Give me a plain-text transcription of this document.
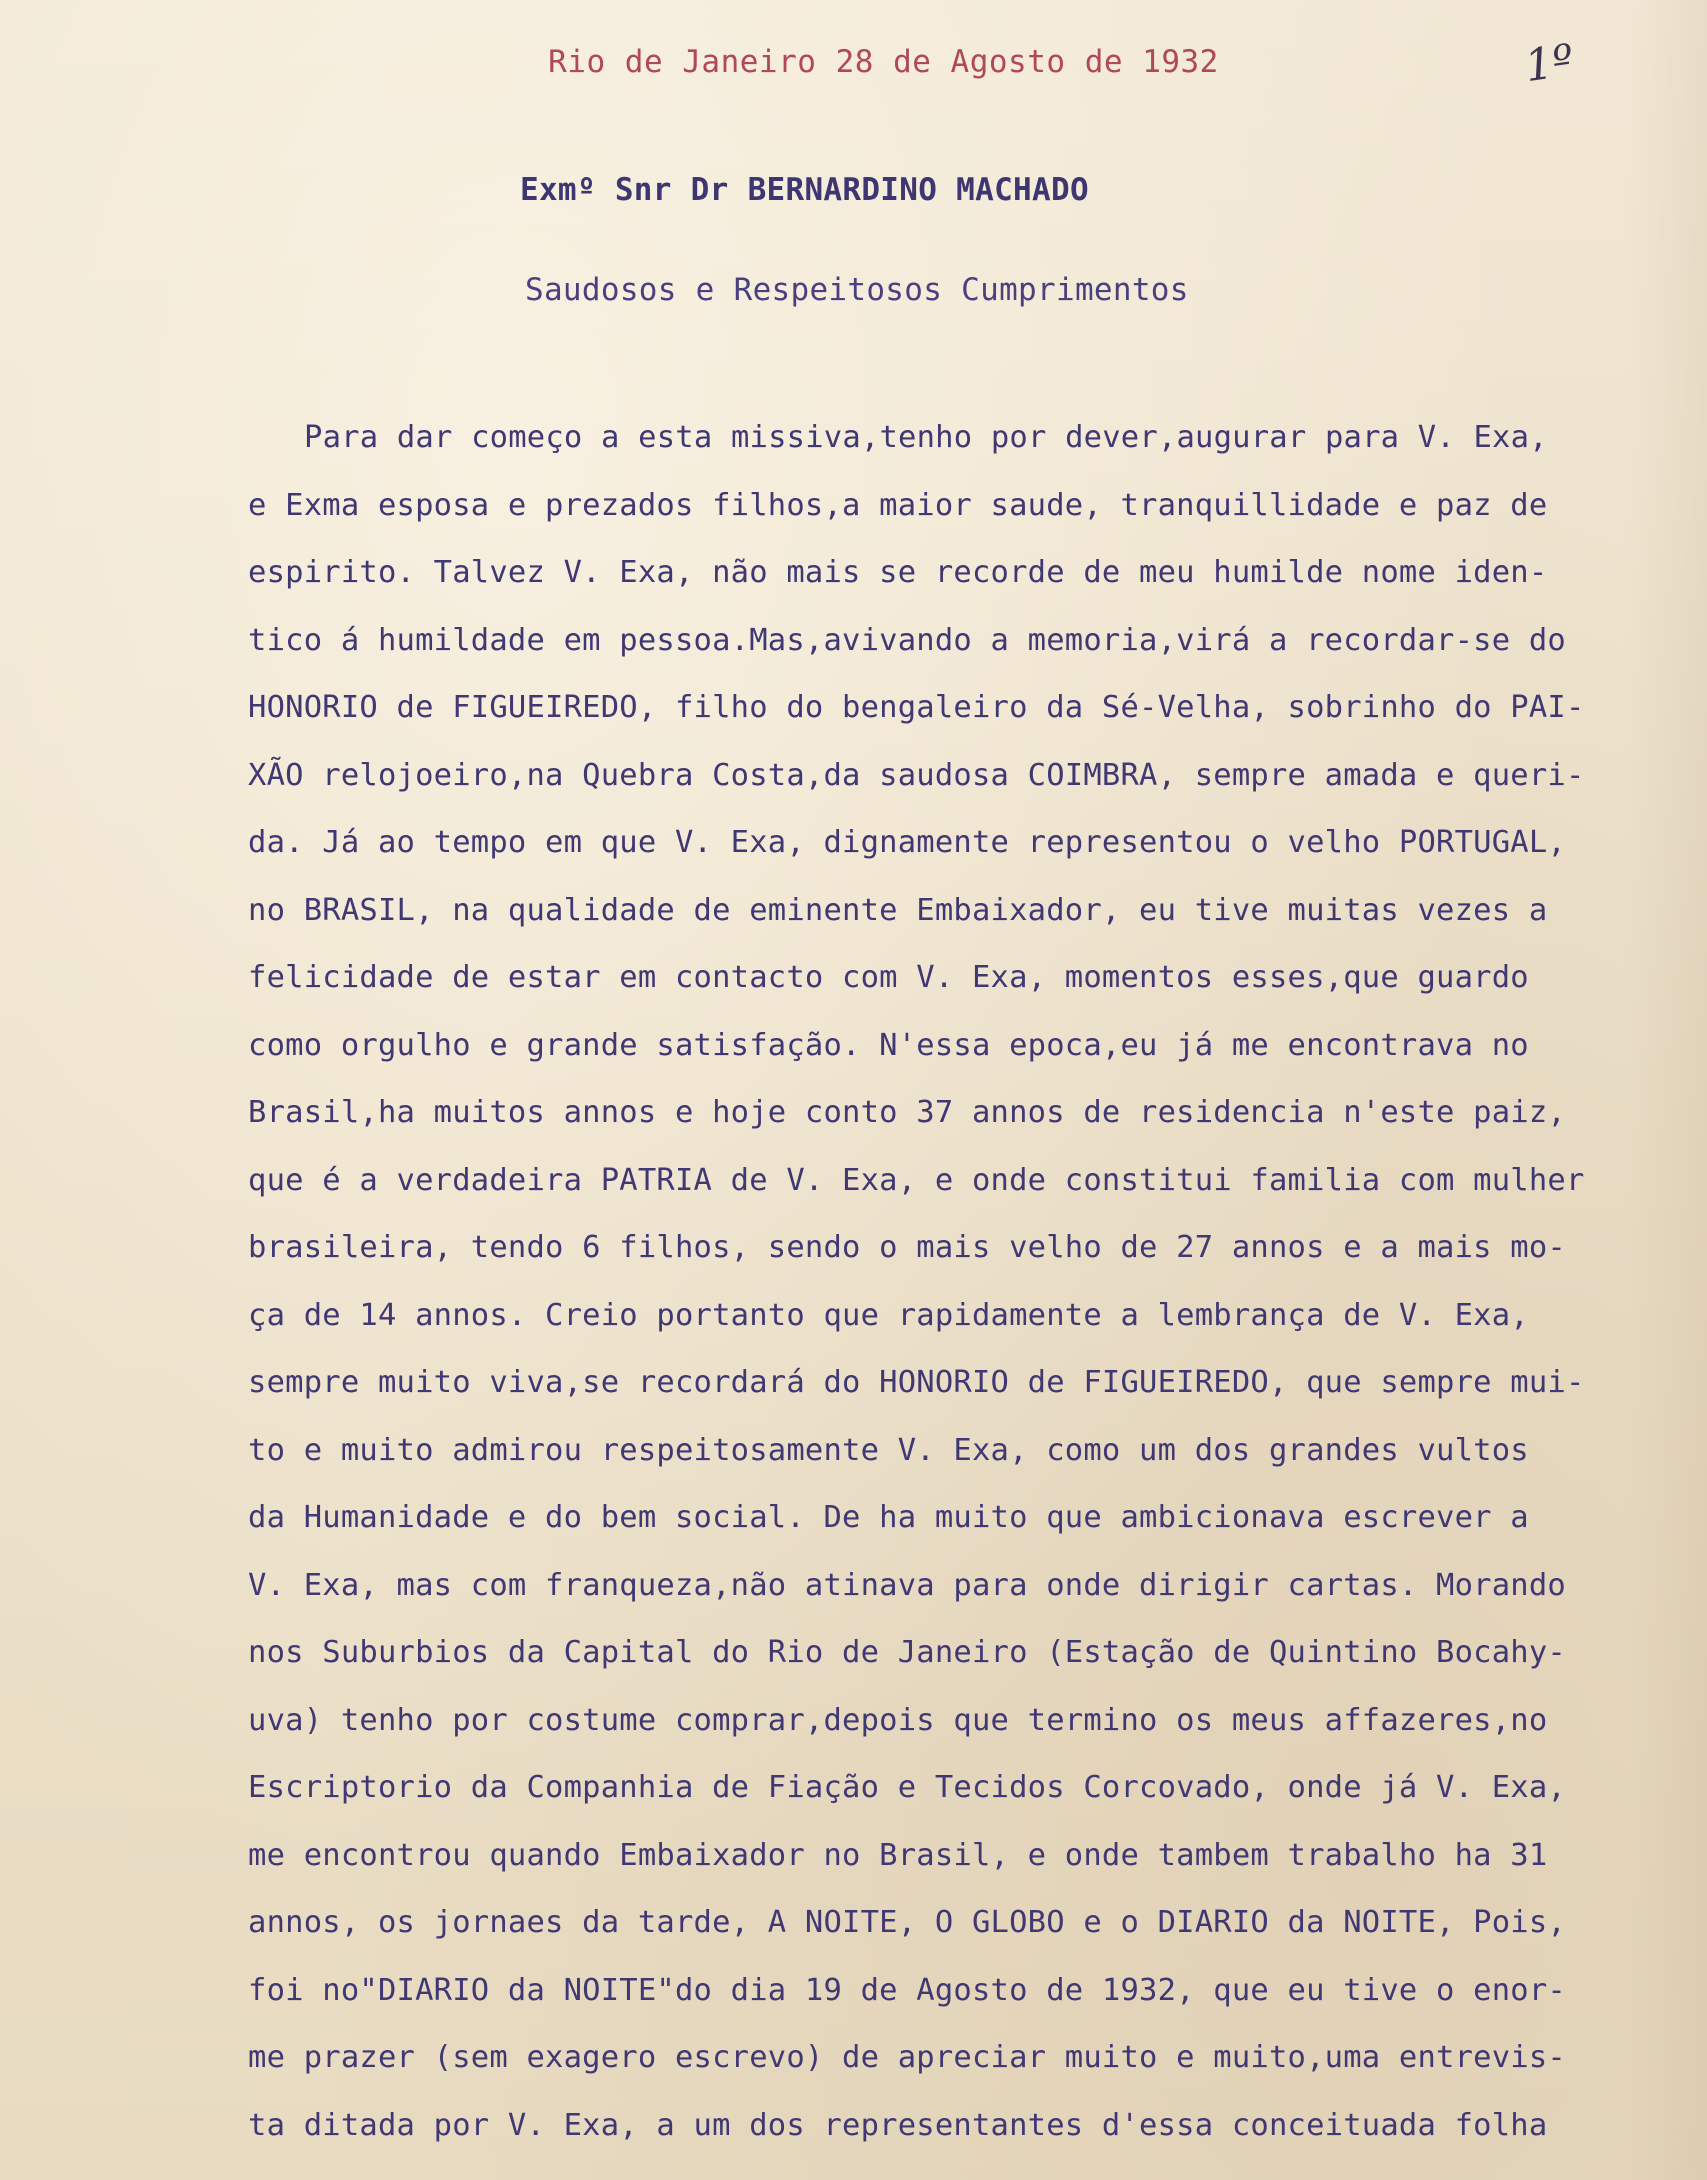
Rio de Janeiro 28 de Agosto de 1932	1º
Exmº Snr Dr BERNARDINO MACHADO
Saudosos e Respeitosos Cumprimentos
Para dar começo a esta missiva,tenho por dever,augurar para V. Exa,
e Exma esposa e prezados filhos,a maior saude, tranquillidade e paz de
espirito. Talvez V. Exa, não mais se recorde de meu humilde nome iden-
tico á humildade em pessoa.Mas,avivando a memoria,virá a recordar-se do
HONORIO de FIGUEIREDO, filho do bengaleiro da Sé-Velha, sobrinho do PAI-
XÃO relojoeiro,na Quebra Costa,da saudosa COIMBRA, sempre amada e queri-
da. Já ao tempo em que V. Exa, dignamente representou o velho PORTUGAL,
no BRASIL, na qualidade de eminente Embaixador, eu tive muitas vezes a
felicidade de estar em contacto com V. Exa, momentos esses,que guardo
como orgulho e grande satisfação. N'essa epoca,eu já me encontrava no
Brasil,ha muitos annos e hoje conto 37 annos de residencia n'este paiz,
que é a verdadeira PATRIA de V. Exa, e onde constitui familia com mulher
brasileira, tendo 6 filhos, sendo o mais velho de 27 annos e a mais mo-
ça de 14 annos. Creio portanto que rapidamente a lembrança de V. Exa,
sempre muito viva,se recordará do HONORIO de FIGUEIREDO, que sempre mui-
to e muito admirou respeitosamente V. Exa, como um dos grandes vultos
da Humanidade e do bem social. De ha muito que ambicionava escrever a
V. Exa, mas com franqueza,não atinava para onde dirigir cartas. Morando
nos Suburbios da Capital do Rio de Janeiro (Estação de Quintino Bocahy-
uva) tenho por costume comprar,depois que termino os meus affazeres,no
Escriptorio da Companhia de Fiação e Tecidos Corcovado, onde já V. Exa,
me encontrou quando Embaixador no Brasil, e onde tambem trabalho ha 31
annos, os jornaes da tarde, A NOITE, O GLOBO e o DIARIO da NOITE, Pois,
foi no"DIARIO da NOITE"do dia 19 de Agosto de 1932, que eu tive o enor-
me prazer (sem exagero escrevo) de apreciar muito e muito,uma entrevis-
ta ditada por V. Exa, a um dos representantes d'essa conceituada folha
